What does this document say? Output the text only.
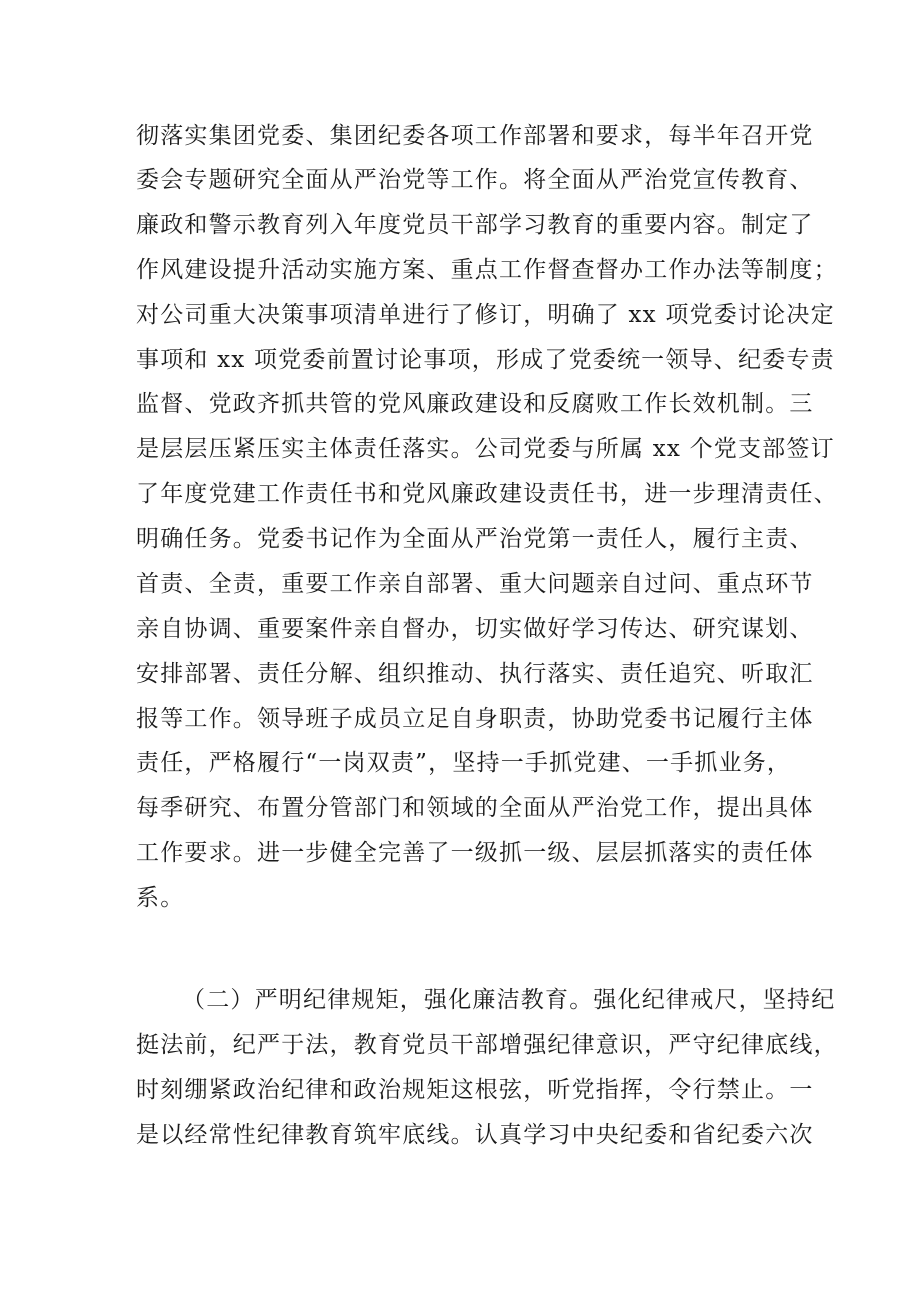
彻落实集团党委、集团纪委各项工作部署和要求，每半年召开党
委会专题研究全面从严治党等工作。将全面从严治党宣传教育、
廉政和警示教育列入年度党员干部学习教育的重要内容。制定了
作风建设提升活动实施方案、重点工作督查督办工作办法等制度；
对公司重大决策事项清单进行了修订，明确了 xx 项党委讨论决定
事项和 xx 项党委前置讨论事项，形成了党委统一领导、纪委专责
监督、党政齐抓共管的党风廉政建设和反腐败工作长效机制。三
是层层压紧压实主体责任落实。公司党委与所属 xx 个党支部签订
了年度党建工作责任书和党风廉政建设责任书，进一步理清责任、
明确任务。党委书记作为全面从严治党第一责任人，履行主责、
首责、全责，重要工作亲自部署、重大问题亲自过问、重点环节
亲自协调、重要案件亲自督办，切实做好学习传达、研究谋划、
安排部署、责任分解、组织推动、执行落实、责任追究、听取汇
报等工作。领导班子成员立足自身职责，协助党委书记履行主体
责任，严格履行“一岗双责”，坚持一手抓党建、一手抓业务，
每季研究、布置分管部门和领域的全面从严治党工作，提出具体
工作要求。进一步健全完善了一级抓一级、层层抓落实的责任体
系。
（二）严明纪律规矩，强化廉洁教育。强化纪律戒尺，坚持纪
挺法前，纪严于法，教育党员干部增强纪律意识，严守纪律底线，
时刻绷紧政治纪律和政治规矩这根弦，听党指挥，令行禁止。一
是以经常性纪律教育筑牢底线。认真学习中央纪委和省纪委六次
